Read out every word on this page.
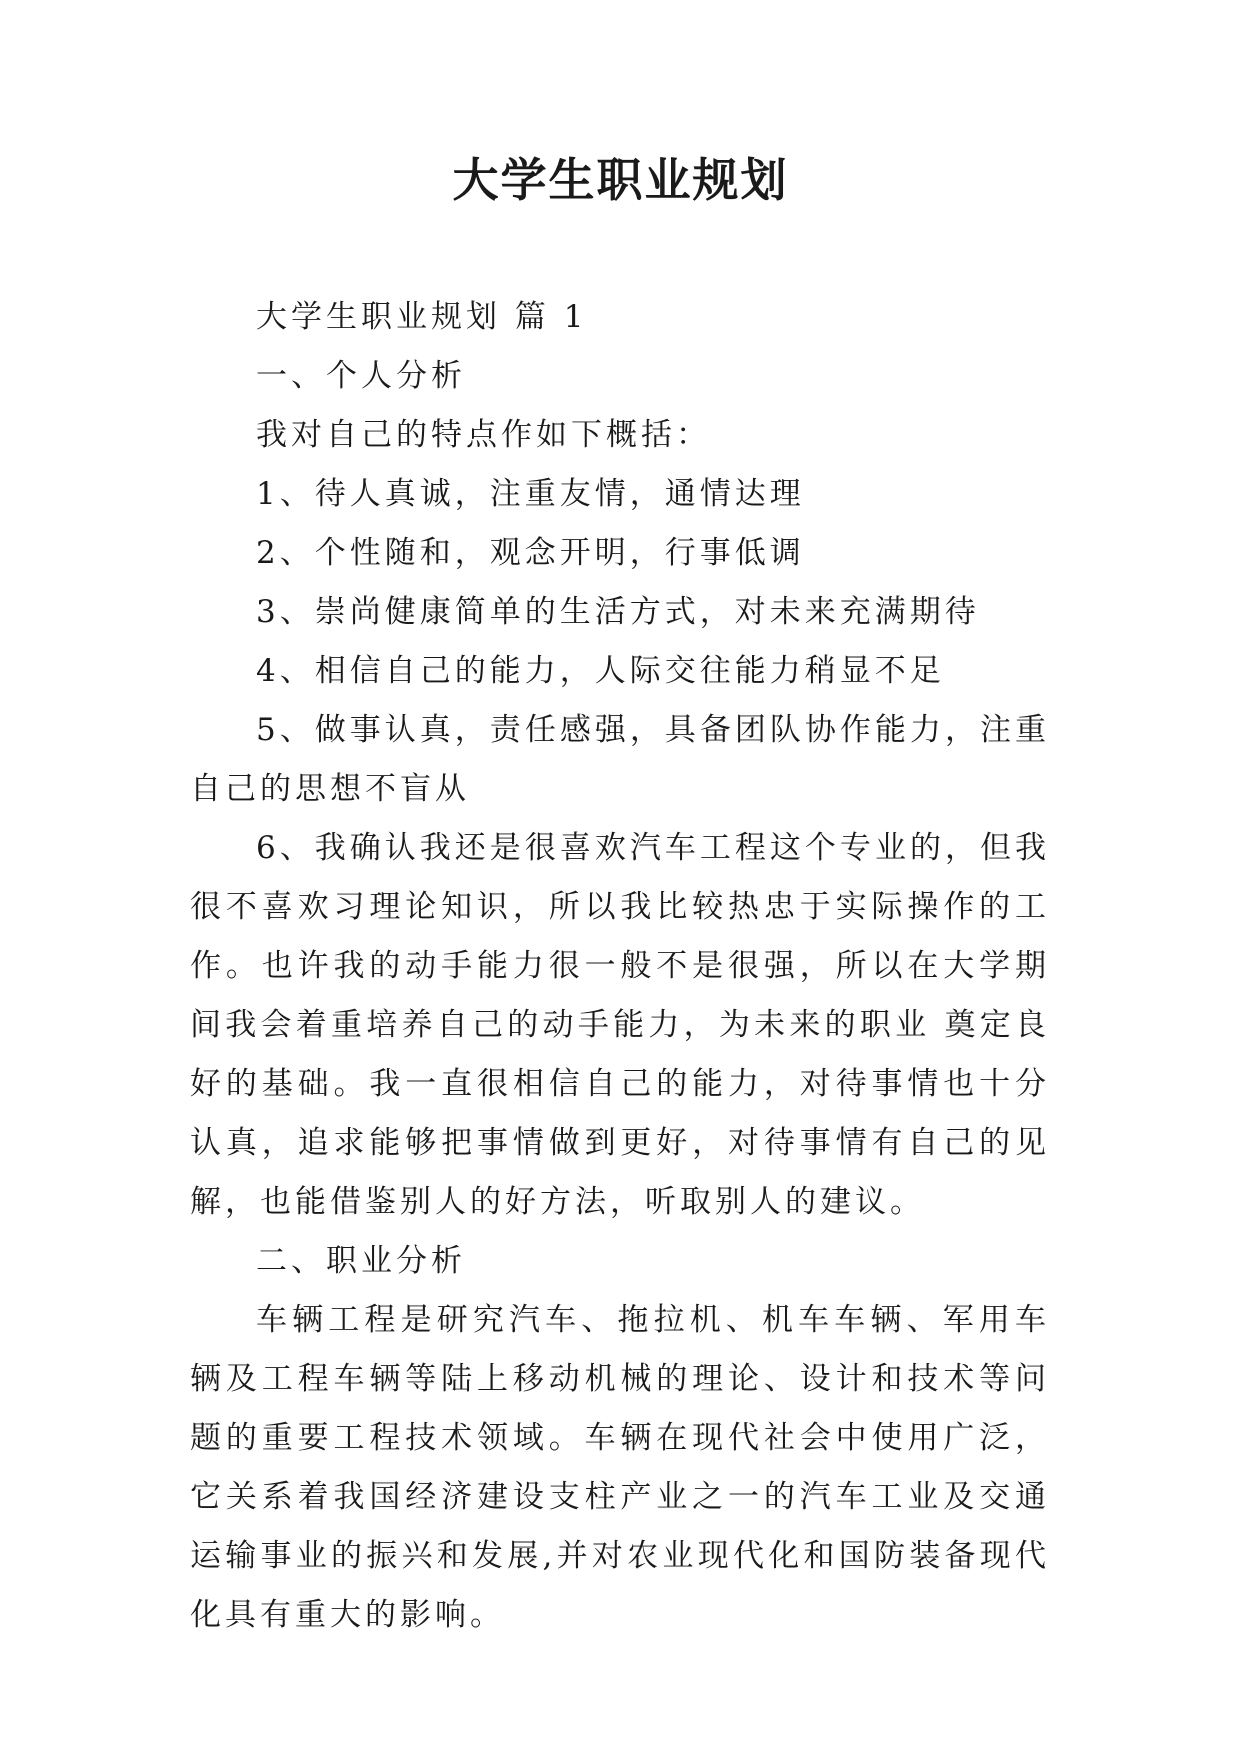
大学生职业规划

大学生职业规划 篇 1

一、个人分析

我对自己的特点作如下概括：

1、待人真诚，注重友情，通情达理

2、个性随和，观念开明，行事低调

3、崇尚健康简单的生活方式，对未来充满期待

4、相信自己的能力，人际交往能力稍显不足

5、做事认真，责任感强，具备团队协作能力，注重自己的思想不盲从

6、我确认我还是很喜欢汽车工程这个专业的，但我很不喜欢习理论知识，所以我比较热忠于实际操作的工作。也许我的动手能力很一般不是很强，所以在大学期间我会着重培养自己的动手能力，为未来的职业 奠定良好的基础。我一直很相信自己的能力，对待事情也十分认真，追求能够把事情做到更好，对待事情有自己的见解，也能借鉴别人的好方法，听取别人的建议。

二、职业分析

车辆工程是研究汽车、拖拉机、机车车辆、军用车辆及工程车辆等陆上移动机械的理论、设计和技术等问题的重要工程技术领域。车辆在现代社会中使用广泛，它关系着我国经济建设支柱产业之一的汽车工业及交通运输事业的振兴和发展,并对农业现代化和国防装备现代化具有重大的影响。
